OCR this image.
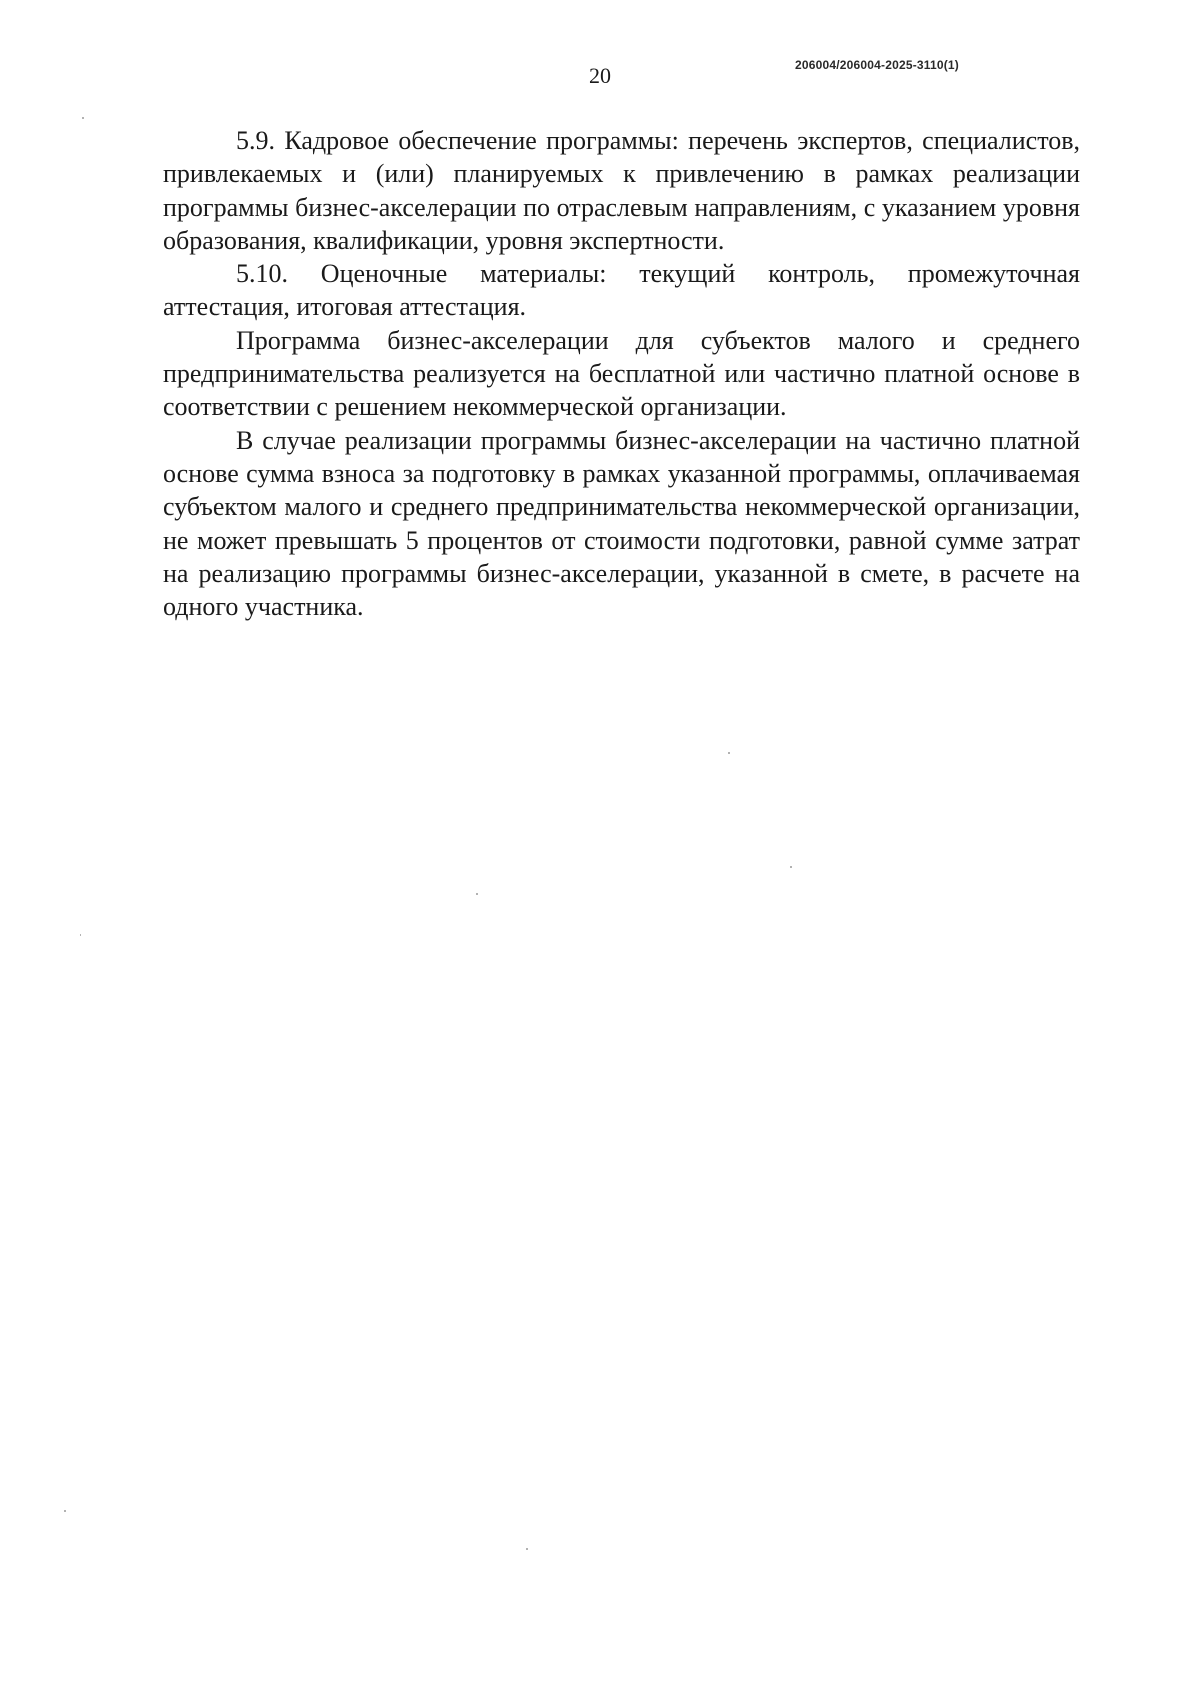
20	206004/206004-2025-3110(1)

5.9. Кадровое обеспечение программы: перечень экспертов, специалистов, привлекаемых и (или) планируемых к привлечению в рамках реализации программы бизнес-акселерации по отраслевым направлениям, с указанием уровня образования, квалификации, уровня экспертности.

5.10. Оценочные материалы: текущий контроль, промежуточная аттестация, итоговая аттестация.

Программа бизнес-акселерации для субъектов малого и среднего предпринимательства реализуется на бесплатной или частично платной основе в соответствии с решением некоммерческой организации.

В случае реализации программы бизнес-акселерации на частично платной основе сумма взноса за подготовку в рамках указанной программы, оплачиваемая субъектом малого и среднего предпринимательства некоммерческой организации, не может превышать 5 процентов от стоимости подготовки, равной сумме затрат на реализацию программы бизнес-акселерации, указанной в смете, в расчете на одного участника.
